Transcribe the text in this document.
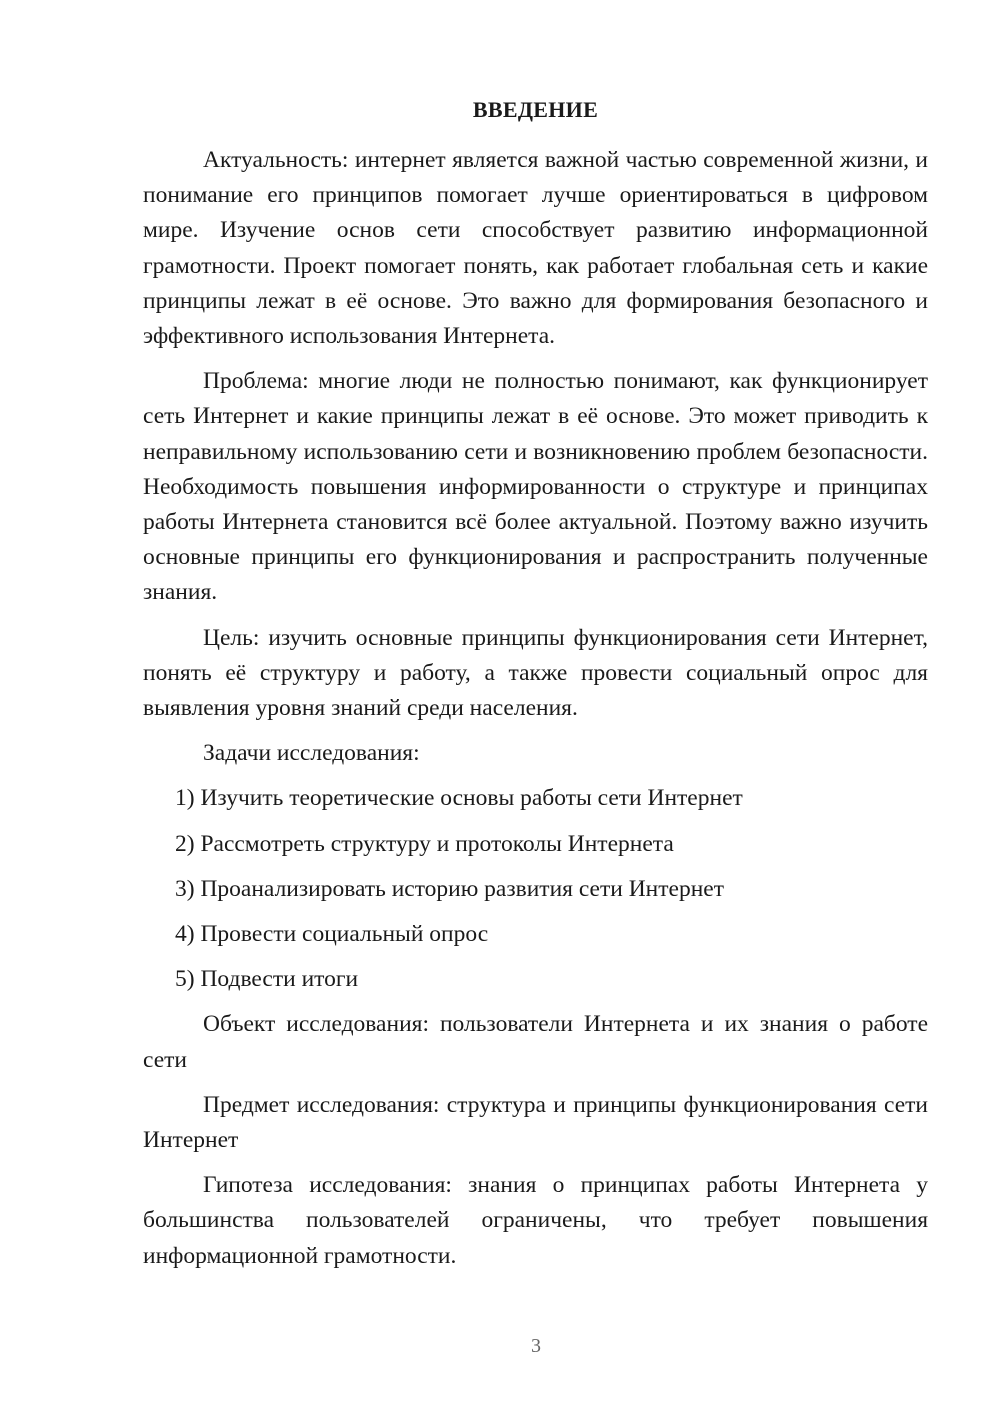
ВВЕДЕНИЕ

Актуальность: интернет является важной частью современной жизни, и понимание его принципов помогает лучше ориентироваться в цифровом мире. Изучение основ сети способствует развитию информационной грамотности. Проект помогает понять, как работает глобальная сеть и какие принципы лежат в её основе. Это важно для формирования безопасного и эффективного использования Интернета.

Проблема: многие люди не полностью понимают, как функционирует сеть Интернет и какие принципы лежат в её основе. Это может приводить к неправильному использованию сети и возникновению проблем безопасности. Необходимость повышения информированности о структуре и принципах работы Интернета становится всё более актуальной. Поэтому важно изучить основные принципы его функционирования и распространить полученные знания.

Цель: изучить основные принципы функционирования сети Интернет, понять её структуру и работу, а также провести социальный опрос для выявления уровня знаний среди населения.

Задачи исследования:

1) Изучить теоретические основы работы сети Интернет

2) Рассмотреть структуру и протоколы Интернета

3) Проанализировать историю развития сети Интернет

4) Провести социальный опрос

5) Подвести итоги

Объект исследования: пользователи Интернета и их знания о работе сети

Предмет исследования: структура и принципы функционирования сети Интернет

Гипотеза исследования: знания о принципах работы Интернета у большинства пользователей ограничены, что требует повышения информационной грамотности.

3
